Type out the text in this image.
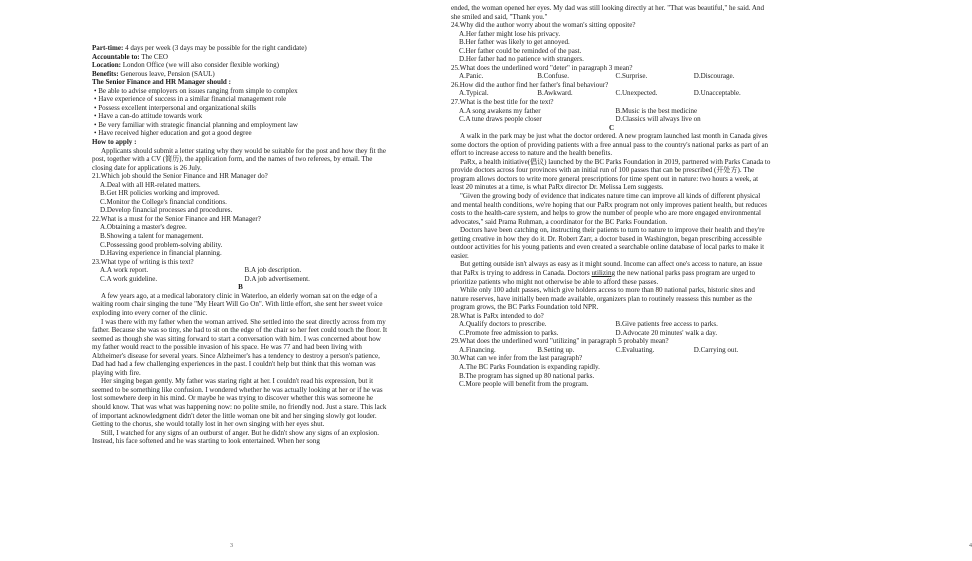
Part-time: 4 days per week (3 days may be possible for the right candidate)

Accountable to: The CEO

Location: London Office (we will also consider flexible working)

Benefits: Generous leave, Pension (SAUL)

The Senior Finance and HR Manager should :

• Be able to advise employers on issues ranging from simple to complex

• Have experience of success in a similar financial management role

• Possess excellent interpersonal and organizational skills

• Have a can-do attitude towards work

• Be very familiar with strategic financial planning and employment law

• Have received higher education and got a good degree

How to apply :

Applicants should submit a letter stating why they would be suitable for the post and how they fit the post, together with a CV (简历), the application form, and the names of two referees, by email. The closing date for applications is 26 July.

21.Which job should the Senior Finance and HR Manager do?

A.Deal with all HR-related matters.

B.Get HR policies working and improved.

C.Monitor the College's financial conditions.

D.Develop financial processes and procedures.

22.What is a must for the Senior Finance and HR Manager?

A.Obtaining a master's degree.

B.Showing a talent for management.

C.Possessing good problem-solving ability.

D.Having experience in financial planning.

23.What type of writing is this text?

A.A work report.	B.A job description.
C.A work guideline.	D.A job advertisement.

B

A few years ago, at a medical laboratory clinic in Waterloo, an elderly woman sat on the edge of a waiting room chair singing the tune "My Heart Will Go On". With little effort, she sent her sweet voice exploding into every corner of the clinic.

I was there with my father when the woman arrived. She settled into the seat directly across from my father. Because she was so tiny, she had to sit on the edge of the chair so her feet could touch the floor. It seemed as though she was sitting forward to start a conversation with him. I was concerned about how my father would react to the possible invasion of his space. He was 77 and had been living with Alzheimer's disease for several years. Since Alzheimer's has a tendency to destroy a person's patience, Dad had had a few challenging experiences in the past. I couldn't help but think that this woman was playing with fire.

Her singing began gently. My father was staring right at her. I couldn't read his expression, but it seemed to be something like confusion. I wondered whether he was actually looking at her or if he was lost somewhere deep in his mind. Or maybe he was trying to discover whether this was someone he should know. That was what was happening now: no polite smile, no friendly nod. Just a stare. This lack of important acknowledgment didn't deter the little woman one bit and her singing slowly got louder. Getting to the chorus, she would totally lost in her own singing with her eyes shut.

Still, I watched for any signs of an outburst of anger. But he didn't show any signs of an explosion. Instead, his face softened and he was starting to look entertained. When her song

3

ended, the woman opened her eyes. My dad was still looking directly at her. "That was beautiful," he said. And she smiled and said, "Thank you."

24.Why did the author worry about the woman's sitting opposite?

A.Her father might lose his privacy.

B.Her father was likely to get annoyed.

C.Her father could be reminded of the past.

D.Her father had no patience with strangers.

25.What does the underlined word "deter" in paragraph 3 mean?

A.Panic.	B.Confuse.	C.Surprise.	D.Discourage.

26.How did the author find her father's final behaviour?

A.Typical.	B.Awkward.	C.Unexpected.	D.Unacceptable.

27.What is the best title for the text?

A.A song awakens my father	B.Music is the best medicine
C.A tune draws people closer	D.Classics will always live on

C

A walk in the park may be just what the doctor ordered. A new program launched last month in Canada gives some doctors the option of providing patients with a free annual pass to the country's national parks as part of an effort to increase access to nature and the health benefits.

PaRx, a health initiative(倡议) launched by the BC Parks Foundation in 2019, partnered with Parks Canada to provide doctors across four provinces with an initial run of 100 passes that can be prescribed (开处方). The program allows doctors to write more general prescriptions for time spent out in nature: two hours a week, at least 20 minutes at a time, is what PaRx director Dr. Melissa Lem suggests.

"Given the growing body of evidence that indicates nature time can improve all kinds of different physical and mental health conditions, we're hoping that our PaRx program not only improves patient health, but reduces costs to the health-care system, and helps to grow the number of people who are more engaged environmental advocates," said Prama Ruhman, a coordinator for the BC Parks Foundation.

Doctors have been catching on, instructing their patients to turn to nature to improve their health and they're getting creative in how they do it. Dr. Robert Zarr, a doctor based in Washington, began prescribing accessible outdoor activities for his young patients and even created a searchable online database of local parks to make it easier.

But getting outside isn't always as easy as it might sound. Income can affect one's access to nature, an issue that PaRx is trying to address in Canada. Doctors utilizing the new national parks pass program are urged to prioritize patients who might not otherwise be able to afford these passes.

While only 100 adult passes, which give holders access to more than 80 national parks, historic sites and nature reserves, have initially been made available, organizers plan to routinely reassess this number as the program grows, the BC Parks Foundation told NPR.

28.What is PaRx intended to do?

A.Qualify doctors to prescribe.	B.Give patients free access to parks.
C.Promote free admission to parks.	D.Advocate 20 minutes' walk a day.

29.What does the underlined word "utilizing" in paragraph 5 probably mean?

A.Financing.	B.Setting up.	C.Evaluating.	D.Carrying out.

30.What can we infer from the last paragraph?

A.The BC Parks Foundation is expanding rapidly.

B.The program has signed up 80 national parks.

C.More people will benefit from the program.

4
